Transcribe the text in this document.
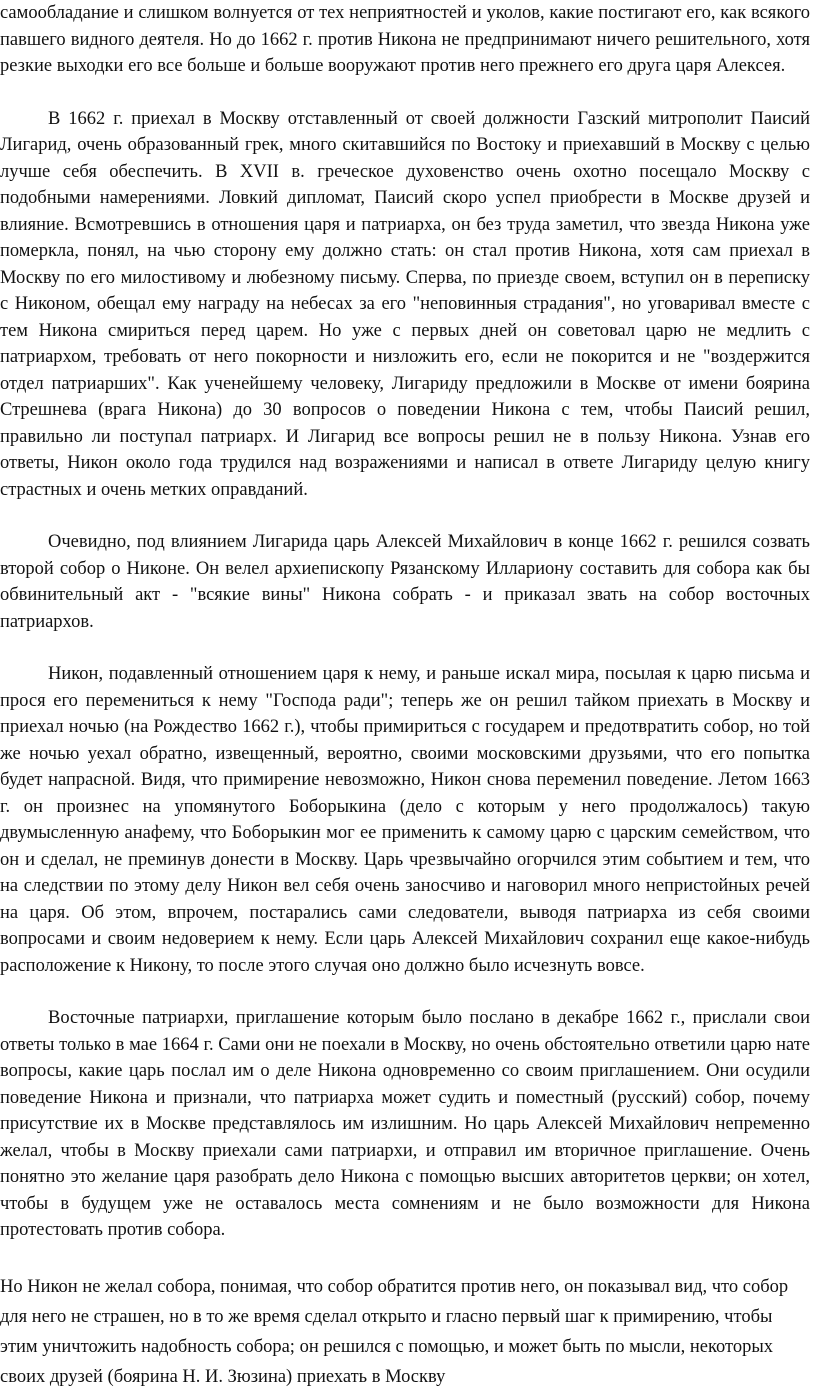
самообладание и слишком волнуется от тех неприятностей и уколов, какие постигают его, как всякого павшего видного деятеля. Но до 1662 г. против Никона не предпринимают ничего решительного, хотя резкие выходки его все больше и больше вооружают против него прежнего его друга царя Алексея.

В 1662 г. приехал в Москву отставленный от своей должности Газский митрополит Паисий Лигарид, очень образованный грек, много скитавшийся по Востоку и приехавший в Москву с целью лучше себя обеспечить. В XVII в. греческое духовенство очень охотно посещало Москву с подобными намерениями. Ловкий дипломат, Паисий скоро успел приобрести в Москве друзей и влияние. Всмотревшись в отношения царя и патриарха, он без труда заметил, что звезда Никона уже померкла, понял, на чью сторону ему должно стать: он стал против Никона, хотя сам приехал в Москву по его милостивому и любезному письму. Сперва, по приезде своем, вступил он в переписку с Никоном, обещал ему награду на небесах за его "неповинныя страдания", но уговаривал вместе с тем Никона смириться перед царем. Но уже с первых дней он советовал царю не медлить с патриархом, требовать от него покорности и низложить его, если не покорится и не "воздержится отдел патриарших". Как ученейшему человеку, Лигариду предложили в Москве от имени боярина Стрешнева (врага Никона) до 30 вопросов о поведении Никона с тем, чтобы Паисий решил, правильно ли поступал патриарх. И Лигарид все вопросы решил не в пользу Никона. Узнав его ответы, Никон около года трудился над возражениями и написал в ответе Лигариду целую книгу страстных и очень метких оправданий.

Очевидно, под влиянием Лигарида царь Алексей Михайлович в конце 1662 г. решился созвать второй собор о Никоне. Он велел архиепископу Рязанскому Иллариону составить для собора как бы обвинительный акт - "всякие вины" Никона собрать - и приказал звать на собор восточных патриархов.

Никон, подавленный отношением царя к нему, и раньше искал мира, посылая к царю письма и прося его перемениться к нему "Господа ради"; теперь же он решил тайком приехать в Москву и приехал ночью (на Рождество 1662 г.), чтобы примириться с государем и предотвратить собор, но той же ночью уехал обратно, извещенный, вероятно, своими московскими друзьями, что его попытка будет напрасной. Видя, что примирение невозможно, Никон снова переменил поведение. Летом 1663 г. он произнес на упомянутого Боборыкина (дело с которым у него продолжалось) такую двумысленную анафему, что Боборыкин мог ее применить к самому царю с царским семейством, что он и сделал, не преминув донести в Москву. Царь чрезвычайно огорчился этим событием и тем, что на следствии по этому делу Никон вел себя очень заносчиво и наговорил много непристойных речей на царя. Об этом, впрочем, постарались сами следователи, выводя патриарха из себя своими вопросами и своим недоверием к нему. Если царь Алексей Михайлович сохранил еще какое-нибудь расположение к Никону, то после этого случая оно должно было исчезнуть вовсе.

Восточные патриархи, приглашение которым было послано в декабре 1662 г., прислали свои ответы только в мае 1664 г. Сами они не поехали в Москву, но очень обстоятельно ответили царю нате вопросы, какие царь послал им о деле Никона одновременно со своим приглашением. Они осудили поведение Никона и признали, что патриарха может судить и поместный (русский) собор, почему присутствие их в Москве представлялось им излишним. Но царь Алексей Михайлович непременно желал, чтобы в Москву приехали сами патриархи, и отправил им вторичное приглашение. Очень понятно это желание царя разобрать дело Никона с помощью высших авторитетов церкви; он хотел, чтобы в будущем уже не оставалось места сомнениям и не было возможности для Никона протестовать против собора.

Но Никон не желал собора, понимая, что собор обратится против него, он показывал вид, что собор для него не страшен, но в то же время сделал открыто и гласно первый шаг к примирению, чтобы этим уничтожить надобность собора; он решился с помощью, и может быть по мысли, некоторых своих друзей (боярина Н. И. Зюзина) приехать в Москву
